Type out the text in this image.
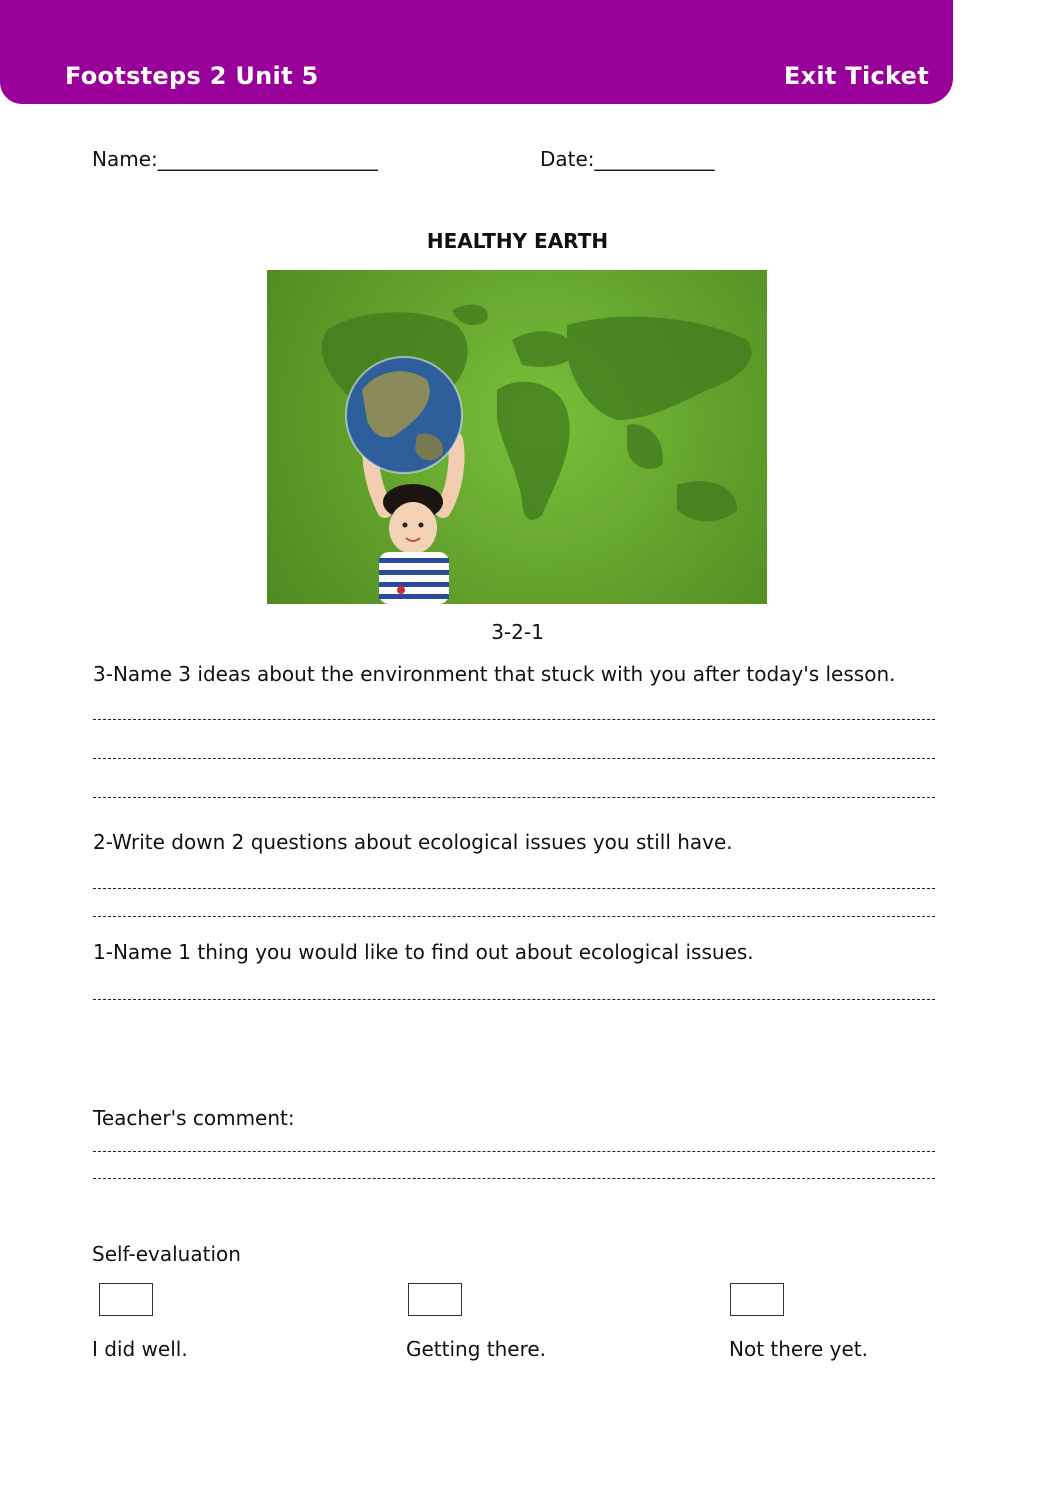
Footsteps 2 Unit 5	Exit Ticket
Name:______________________	Date:____________
HEALTHY EARTH
3-2-1
3-Name 3 ideas about the environment that stuck with you after today's lesson.
2-Write down 2 questions about ecological issues you still have.
1-Name 1 thing you would like to find out about ecological issues.
Teacher's comment:
Self-evaluation
I did well.	Getting there.	Not there yet.
